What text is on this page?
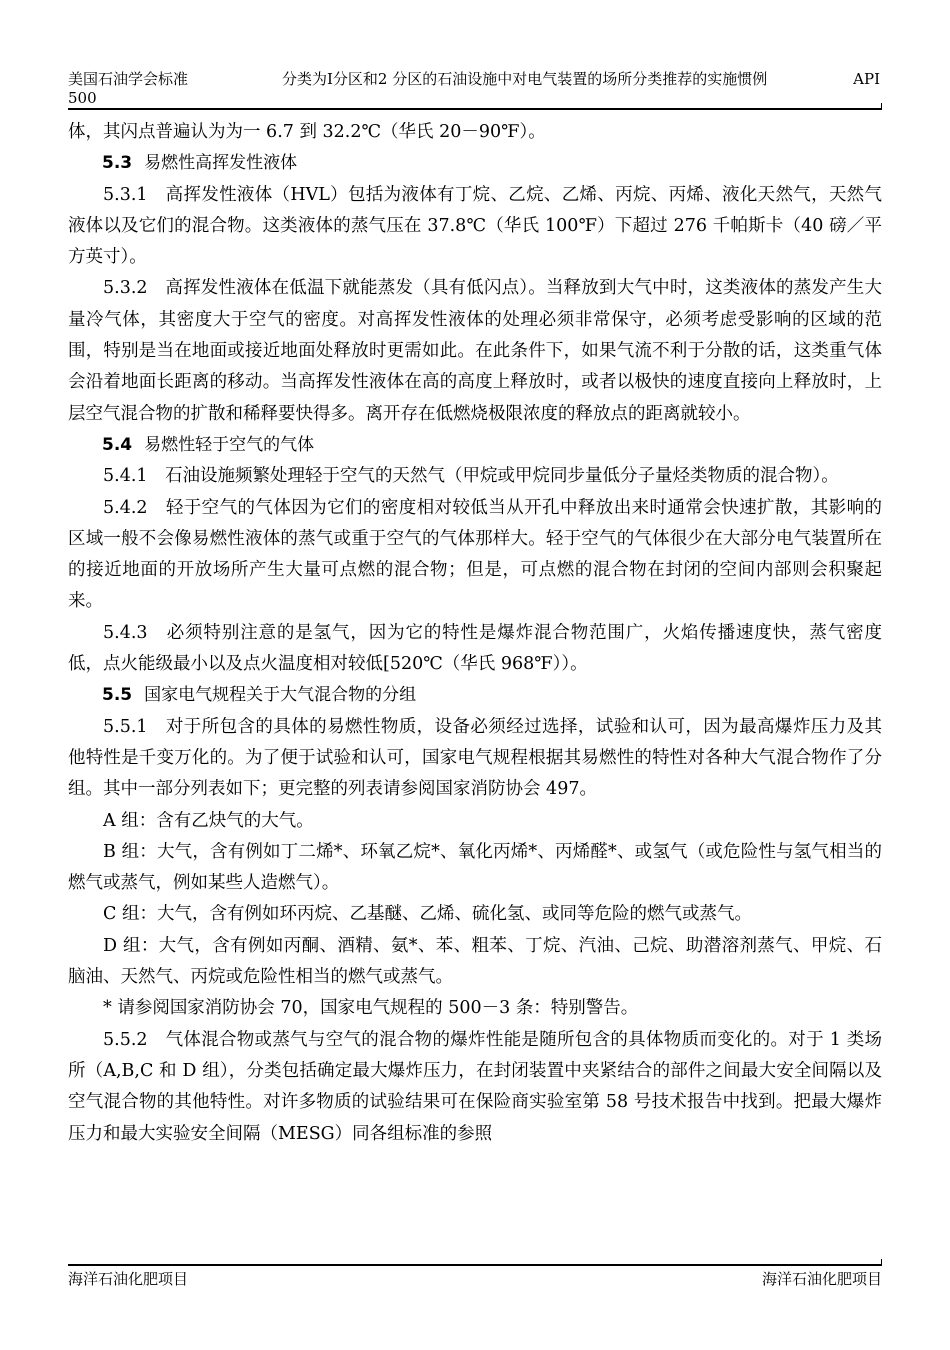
美国石油学会标准
500
分类为Ⅰ分区和2 分区的石油设施中对电气装置的场所分类推荐的实施惯例	API

体，其闪点普遍认为为一 6.7 到 32.2℃（华氏 20－90℉）。

5.3 易燃性高挥发性液体

5.3.1　高挥发性液体（HVL）包括为液体有丁烷、乙烷、乙烯、丙烷、丙烯、液化天然气，天然气液体以及它们的混合物。这类液体的蒸气压在 37.8℃（华氏 100℉）下超过 276 千帕斯卡（40 磅／平方英寸）。

5.3.2　高挥发性液体在低温下就能蒸发（具有低闪点）。当释放到大气中时，这类液体的蒸发产生大量冷气体，其密度大于空气的密度。对高挥发性液体的处理必须非常保守，必须考虑受影响的区域的范围，特别是当在地面或接近地面处释放时更需如此。在此条件下，如果气流不利于分散的话，这类重气体会沿着地面长距离的移动。当高挥发性液体在高的高度上释放时，或者以极快的速度直接向上释放时，上层空气混合物的扩散和稀释要快得多。离开存在低燃烧极限浓度的释放点的距离就较小。

5.4 易燃性轻于空气的气体

5.4.1　石油设施频繁处理轻于空气的天然气（甲烷或甲烷同步量低分子量烃类物质的混合物）。

5.4.2　轻于空气的气体因为它们的密度相对较低当从开孔中释放出来时通常会快速扩散，其影响的区域一般不会像易燃性液体的蒸气或重于空气的气体那样大。轻于空气的气体很少在大部分电气装置所在的接近地面的开放场所产生大量可点燃的混合物；但是，可点燃的混合物在封闭的空间内部则会积聚起来。

5.4.3　必须特别注意的是氢气，因为它的特性是爆炸混合物范围广，火焰传播速度快，蒸气密度低，点火能级最小以及点火温度相对较低[520℃（华氏 968℉））。

5.5 国家电气规程关于大气混合物的分组

5.5.1　对于所包含的具体的易燃性物质，设备必须经过选择，试验和认可，因为最高爆炸压力及其他特性是千变万化的。为了便于试验和认可，国家电气规程根据其易燃性的特性对各种大气混合物作了分组。其中一部分列表如下；更完整的列表请参阅国家消防协会 497。

A 组：含有乙炔气的大气。

B 组：大气，含有例如丁二烯*、环氧乙烷*、氧化丙烯*、丙烯醛*、或氢气（或危险性与氢气相当的燃气或蒸气，例如某些人造燃气）。

C 组：大气，含有例如环丙烷、乙基醚、乙烯、硫化氢、或同等危险的燃气或蒸气。

D 组：大气，含有例如丙酮、酒精、氨*、苯、粗苯、丁烷、汽油、己烷、助潜溶剂蒸气、甲烷、石脑油、天然气、丙烷或危险性相当的燃气或蒸气。

* 请参阅国家消防协会 70，国家电气规程的 500－3 条：特别警告。

5.5.2　气体混合物或蒸气与空气的混合物的爆炸性能是随所包含的具体物质而变化的。对于 1 类场所（A,B,C 和 D 组），分类包括确定最大爆炸压力，在封闭装置中夹紧结合的部件之间最大安全间隔以及空气混合物的其他特性。对许多物质的试验结果可在保险商实验室第 58 号技术报告中找到。把最大爆炸压力和最大实验安全间隔（MESG）同各组标准的参照

海洋石油化肥项目	海洋石油化肥项目
